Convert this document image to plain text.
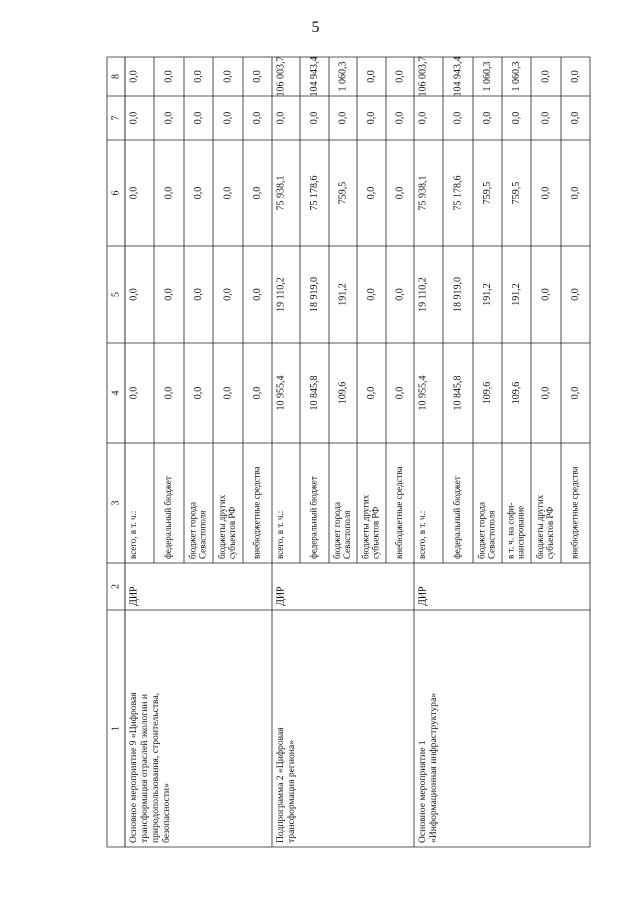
5
1
2
3
4
5
6
7
8
Основное мероприятие 9 «Цифровая трансформация отраслей экологии и природопользования, строительства, безопасности»
ДИР
всего, в т. ч.:
0,0
0,0
0,0
0,0
0,0
федеральный бюджет
0,0
0,0
0,0
0,0
0,0
бюджет города Севастополя
0,0
0,0
0,0
0,0
0,0
бюджеты других субъектов РФ
0,0
0,0
0,0
0,0
0,0
внебюджетные средства
0,0
0,0
0,0
0,0
0,0
Подпрограмма 2 «Цифровая трансформация региона»
ДИР
всего, в т. ч.:
10 955,4
19 110,2
75 938,1
0,0
106 003,7
федеральный бюджет
10 845,8
18 919,0
75 178,6
0,0
104 943,4
бюджет города Севастополя
109,6
191,2
759,5
0,0
1 060,3
бюджеты других субъектов РФ
0,0
0,0
0,0
0,0
0,0
внебюджетные средства
0,0
0,0
0,0
0,0
0,0
Основное мероприятие 1 «Информационная инфраструктура»
ДИР
всего, в т. ч.:
10 955,4
19 110,2
75 938,1
0,0
106 003,7
федеральный бюджет
10 845,8
18 919,0
75 178,6
0,0
104 943,4
бюджет города Севастополя
109,6
191,2
759,5
0,0
1 060,3
в т. ч. на софи- нансирование
109,6
191,2
759,5
0,0
1 060,3
бюджеты других субъектов РФ
0,0
0,0
0,0
0,0
0,0
внебюджетные средства
0,0
0,0
0,0
0,0
0,0
